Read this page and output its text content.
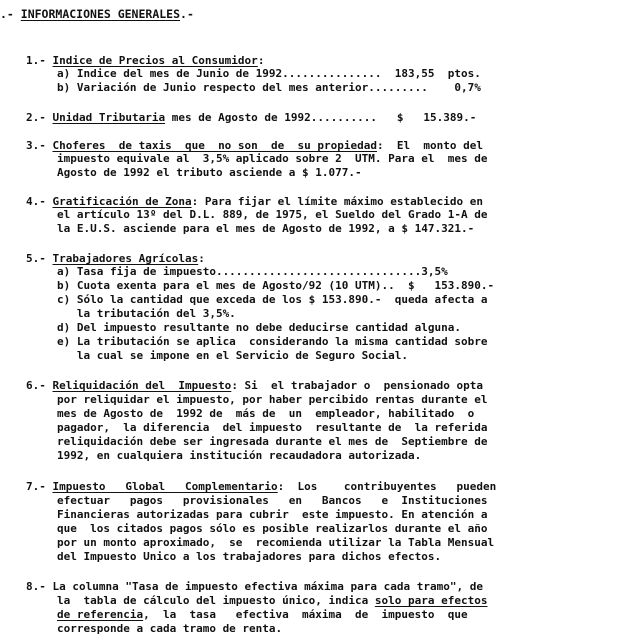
.- INFORMACIONES GENERALES.-
1.- Indice de Precios al Consumidor:
a) Indice del mes de Junio de 1992...............  183,55  ptos.
b) Variación de Junio respecto del mes anterior.........    0,7%
2.- Unidad Tributaria mes de Agosto de 1992..........   $   15.389.-
3.- Choferes  de taxis  que  no son  de  su propiedad:  El  monto del
impuesto equivale al  3,5% aplicado sobre 2  UTM. Para el  mes de
Agosto de 1992 el tributo asciende a $ 1.077.-
4.- Gratificación de Zona: Para fijar el límite máximo establecido en
el artículo 13º del D.L. 889, de 1975, el Sueldo del Grado 1-A de
la E.U.S. asciende para el mes de Agosto de 1992, a $ 147.321.-
5.- Trabajadores Agrícolas:
a) Tasa fija de impuesto...............................3,5%
b) Cuota exenta para el mes de Agosto/92 (10 UTM)..  $   153.890.-
c) Sólo la cantidad que exceda de los $ 153.890.-  queda afecta a
la tributación del 3,5%.
d) Del impuesto resultante no debe deducirse cantidad alguna.
e) La tributación se aplica  considerando la misma cantidad sobre
la cual se impone en el Servicio de Seguro Social.
6.- Reliquidación del  Impuesto: Si  el trabajador o  pensionado opta
por reliquidar el impuesto, por haber percibido rentas durante el
mes de Agosto de  1992 de  más de  un  empleador, habilitado  o
pagador,  la diferencia  del impuesto  resultante de  la referida
reliquidación debe ser ingresada durante el mes de  Septiembre de
1992, en cualquiera institución recaudadora autorizada.
7.- Impuesto   Global   Complementario:  Los    contribuyentes   pueden
efectuar   pagos   provisionales   en   Bancos   e  Instituciones
Financieras autorizadas para cubrir  este impuesto. En atención a
que  los citados pagos sólo es posible realizarlos durante el año
por un monto aproximado,  se  recomienda utilizar la Tabla Mensual
del Impuesto Unico a los trabajadores para dichos efectos.
8.- La columna "Tasa de impuesto efectiva máxima para cada tramo", de
la  tabla de cálculo del impuesto único, indica solo para efectos
de referencia,  la  tasa   efectiva  máxima  de  impuesto  que
corresponde a cada tramo de renta.
